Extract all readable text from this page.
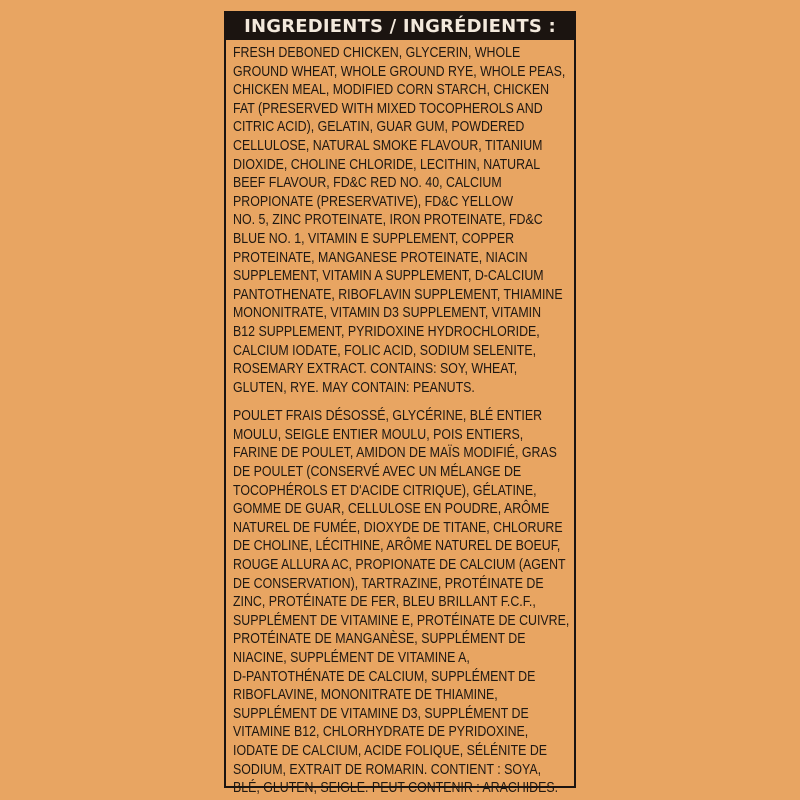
INGREDIENTS / INGRÉDIENTS :
FRESH DEBONED CHICKEN, GLYCERIN, WHOLE
GROUND WHEAT, WHOLE GROUND RYE, WHOLE PEAS,
CHICKEN MEAL, MODIFIED CORN STARCH, CHICKEN
FAT (PRESERVED WITH MIXED TOCOPHEROLS AND
CITRIC ACID), GELATIN, GUAR GUM, POWDERED
CELLULOSE, NATURAL SMOKE FLAVOUR, TITANIUM
DIOXIDE, CHOLINE CHLORIDE, LECITHIN, NATURAL
BEEF FLAVOUR, FD&C RED NO. 40, CALCIUM
PROPIONATE (PRESERVATIVE), FD&C YELLOW
NO. 5, ZINC PROTEINATE, IRON PROTEINATE, FD&C
BLUE NO. 1, VITAMIN E SUPPLEMENT, COPPER
PROTEINATE, MANGANESE PROTEINATE, NIACIN
SUPPLEMENT, VITAMIN A SUPPLEMENT, D-CALCIUM
PANTOTHENATE, RIBOFLAVIN SUPPLEMENT, THIAMINE
MONONITRATE, VITAMIN D3 SUPPLEMENT, VITAMIN
B12 SUPPLEMENT, PYRIDOXINE HYDROCHLORIDE,
CALCIUM IODATE, FOLIC ACID, SODIUM SELENITE,
ROSEMARY EXTRACT. CONTAINS: SOY, WHEAT,
GLUTEN, RYE. MAY CONTAIN: PEANUTS.
POULET FRAIS DÉSOSSÉ, GLYCÉRINE, BLÉ ENTIER
MOULU, SEIGLE ENTIER MOULU, POIS ENTIERS,
FARINE DE POULET, AMIDON DE MAÏS MODIFIÉ, GRAS
DE POULET (CONSERVÉ AVEC UN MÉLANGE DE
TOCOPHÉROLS ET D'ACIDE CITRIQUE), GÉLATINE,
GOMME DE GUAR, CELLULOSE EN POUDRE, ARÔME
NATUREL DE FUMÉE, DIOXYDE DE TITANE, CHLORURE
DE CHOLINE, LÉCITHINE, ARÔME NATUREL DE BOEUF,
ROUGE ALLURA AC, PROPIONATE DE CALCIUM (AGENT
DE CONSERVATION), TARTRAZINE, PROTÉINATE DE
ZINC, PROTÉINATE DE FER, BLEU BRILLANT F.C.F.,
SUPPLÉMENT DE VITAMINE E, PROTÉINATE DE CUIVRE,
PROTÉINATE DE MANGANÈSE, SUPPLÉMENT DE
NIACINE, SUPPLÉMENT DE VITAMINE A,
D-PANTOTHÉNATE DE CALCIUM, SUPPLÉMENT DE
RIBOFLAVINE, MONONITRATE DE THIAMINE,
SUPPLÉMENT DE VITAMINE D3, SUPPLÉMENT DE
VITAMINE B12, CHLORHYDRATE DE PYRIDOXINE,
IODATE DE CALCIUM, ACIDE FOLIQUE, SÉLÉNITE DE
SODIUM, EXTRAIT DE ROMARIN. CONTIENT : SOYA,
BLÉ, GLUTEN, SEIGLE. PEUT CONTENIR : ARACHIDES.
